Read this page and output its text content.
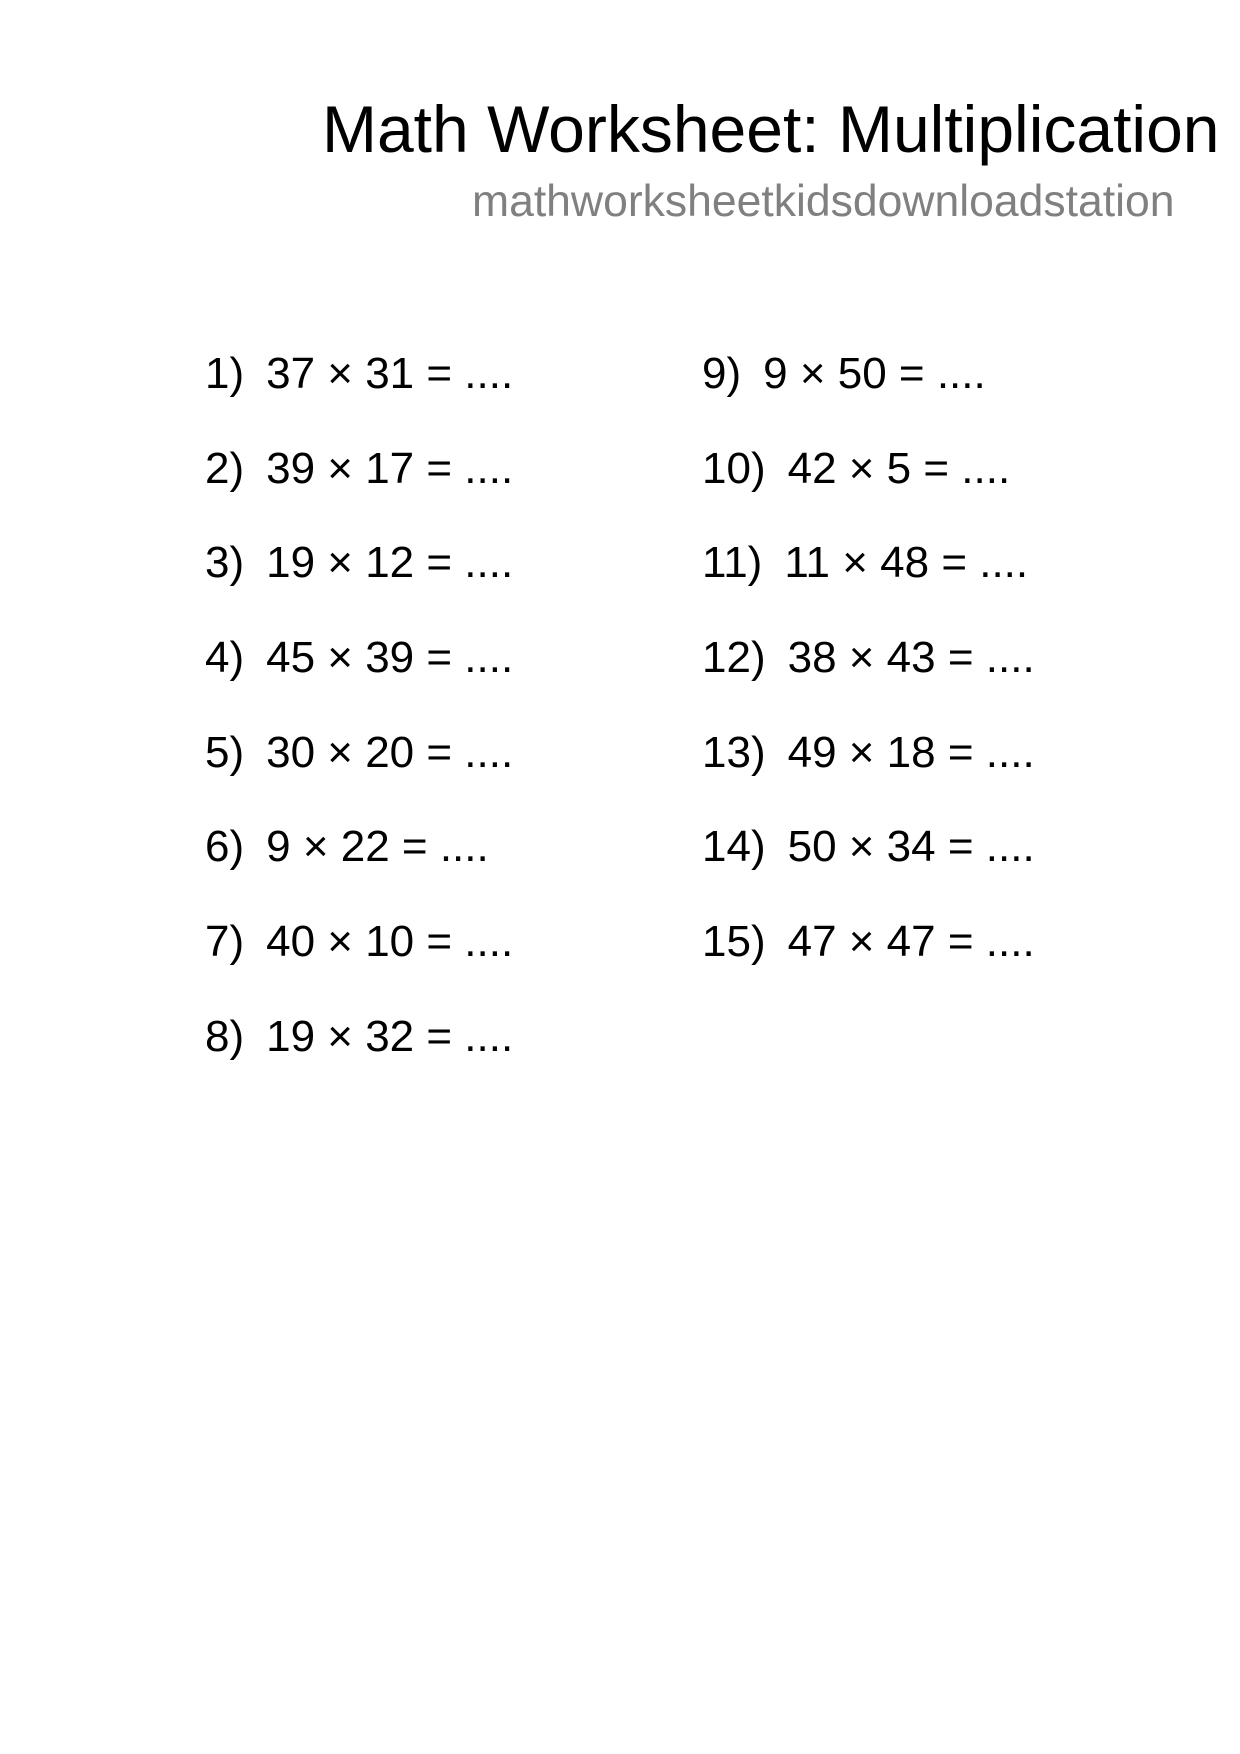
Math Worksheet: Multiplication
mathworksheetkidsdownloadstation
1) 37 × 31 = ....
2) 39 × 17 = ....
3) 19 × 12 = ....
4) 45 × 39 = ....
5) 30 × 20 = ....
6) 9 × 22 = ....
7) 40 × 10 = ....
8) 19 × 32 = ....
9) 9 × 50 = ....
10) 42 × 5 = ....
11) 11 × 48 = ....
12) 38 × 43 = ....
13) 49 × 18 = ....
14) 50 × 34 = ....
15) 47 × 47 = ....
